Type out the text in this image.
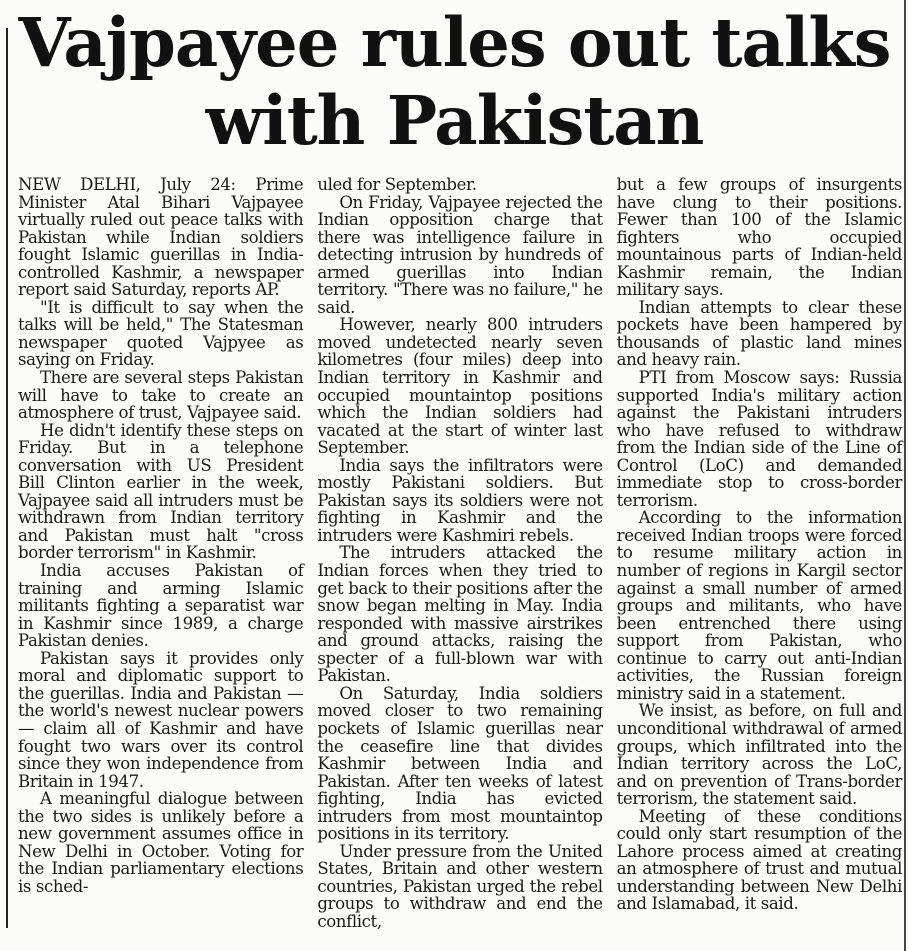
Vajpayee rules out talks
with Pakistan

NEW DELHI, July 24: Prime Minister Atal Bihari Vajpayee virtually ruled out peace talks with Pakistan while Indian soldiers fought Islamic guerillas in India-controlled Kashmir, a newspaper report said Saturday, reports AP.

"It is difficult to say when the talks will be held," The Statesman newspaper quoted Vajpyee as saying on Friday.

There are several steps Pakistan will have to take to create an atmosphere of trust, Vajpayee said.

He didn't identify these steps on Friday. But in a telephone conversation with US President Bill Clinton earlier in the week, Vajpayee said all intruders must be withdrawn from Indian territory and Pakistan must halt "cross border terrorism" in Kashmir.

India accuses Pakistan of training and arming Islamic militants fighting a separatist war in Kashmir since 1989, a charge Pakistan denies.

Pakistan says it provides only moral and diplomatic support to the guerillas. India and Pakistan — the world's newest nuclear powers — claim all of Kashmir and have fought two wars over its control since they won independence from Britain in 1947.

A meaningful dialogue between the two sides is unlikely before a new government assumes office in New Delhi in October. Voting for the Indian parliamentary elections is sched-

uled for September.

On Friday, Vajpayee rejected the Indian opposition charge that there was intelligence failure in detecting intrusion by hundreds of armed guerillas into Indian territory. "There was no failure," he said.

However, nearly 800 intruders moved undetected nearly seven kilometres (four miles) deep into Indian territory in Kashmir and occupied mountaintop positions which the Indian soldiers had vacated at the start of winter last September.

India says the infiltrators were mostly Pakistani soldiers. But Pakistan says its soldiers were not fighting in Kashmir and the intruders were Kashmiri rebels.

The intruders attacked the Indian forces when they tried to get back to their positions after the snow began melting in May. India responded with massive airstrikes and ground attacks, raising the specter of a full-blown war with Pakistan.

On Saturday, India soldiers moved closer to two remaining pockets of Islamic guerillas near the ceasefire line that divides Kashmir between India and Pakistan. After ten weeks of latest fighting, India has evicted intruders from most mountaintop positions in its territory.

Under pressure from the United States, Britain and other western countries, Pakistan urged the rebel groups to withdraw and end the conflict,

but a few groups of insurgents have clung to their positions. Fewer than 100 of the Islamic fighters who occupied mountainous parts of Indian-held Kashmir remain, the Indian military says.

Indian attempts to clear these pockets have been hampered by thousands of plastic land mines and heavy rain.

PTI from Moscow says: Russia supported India's military action against the Pakistani intruders who have refused to withdraw from the Indian side of the Line of Control (LoC) and demanded immediate stop to cross-border terrorism.

According to the information received Indian troops were forced to resume military action in number of regions in Kargil sector against a small number of armed groups and militants, who have been entrenched there using support from Pakistan, who continue to carry out anti-Indian activities, the Russian foreign ministry said in a statement.

We insist, as before, on full and unconditional withdrawal of armed groups, which infiltrated into the Indian territory across the LoC, and on prevention of Trans-border terrorism, the statement said.

Meeting of these conditions could only start resumption of the Lahore process aimed at creating an atmosphere of trust and mutual understanding between New Delhi and Islamabad, it said.
